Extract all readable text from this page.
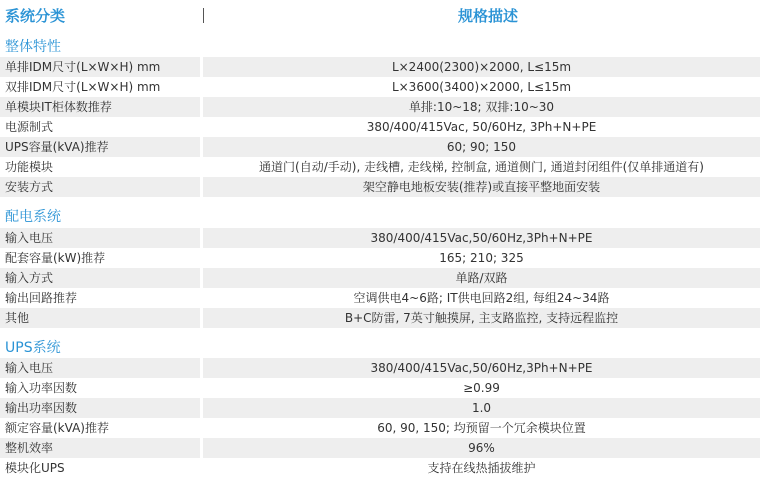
系统分类	规格描述
整体特性
单排IDM尺寸(L×W×H) mm	L×2400(2300)×2000, L≤15m
双排IDM尺寸(L×W×H) mm	L×3600(3400)×2000, L≤15m
单模块IT柜体数推荐	单排:10~18; 双排:10~30
电源制式	380/400/415Vac, 50/60Hz, 3Ph+N+PE
UPS容量(kVA)推荐	60; 90; 150
功能模块	通道门(自动/手动), 走线槽, 走线梯, 控制盒, 通道侧门, 通道封闭组件(仅单排通道有)
安装方式	架空静电地板安装(推荐)或直接平整地面安装
配电系统
输入电压	380/400/415Vac,50/60Hz,3Ph+N+PE
配套容量(kW)推荐	165; 210; 325
输入方式	单路/双路
输出回路推荐	空调供电4~6路; IT供电回路2组, 每组24~34路
其他	B+C防雷, 7英寸触摸屏, 主支路监控, 支持远程监控
UPS系统
输入电压	380/400/415Vac,50/60Hz,3Ph+N+PE
输入功率因数	≥0.99
输出功率因数	1.0
额定容量(kVA)推荐	60, 90, 150; 均预留一个冗余模块位置
整机效率	96%
模块化UPS	支持在线热插拔维护
